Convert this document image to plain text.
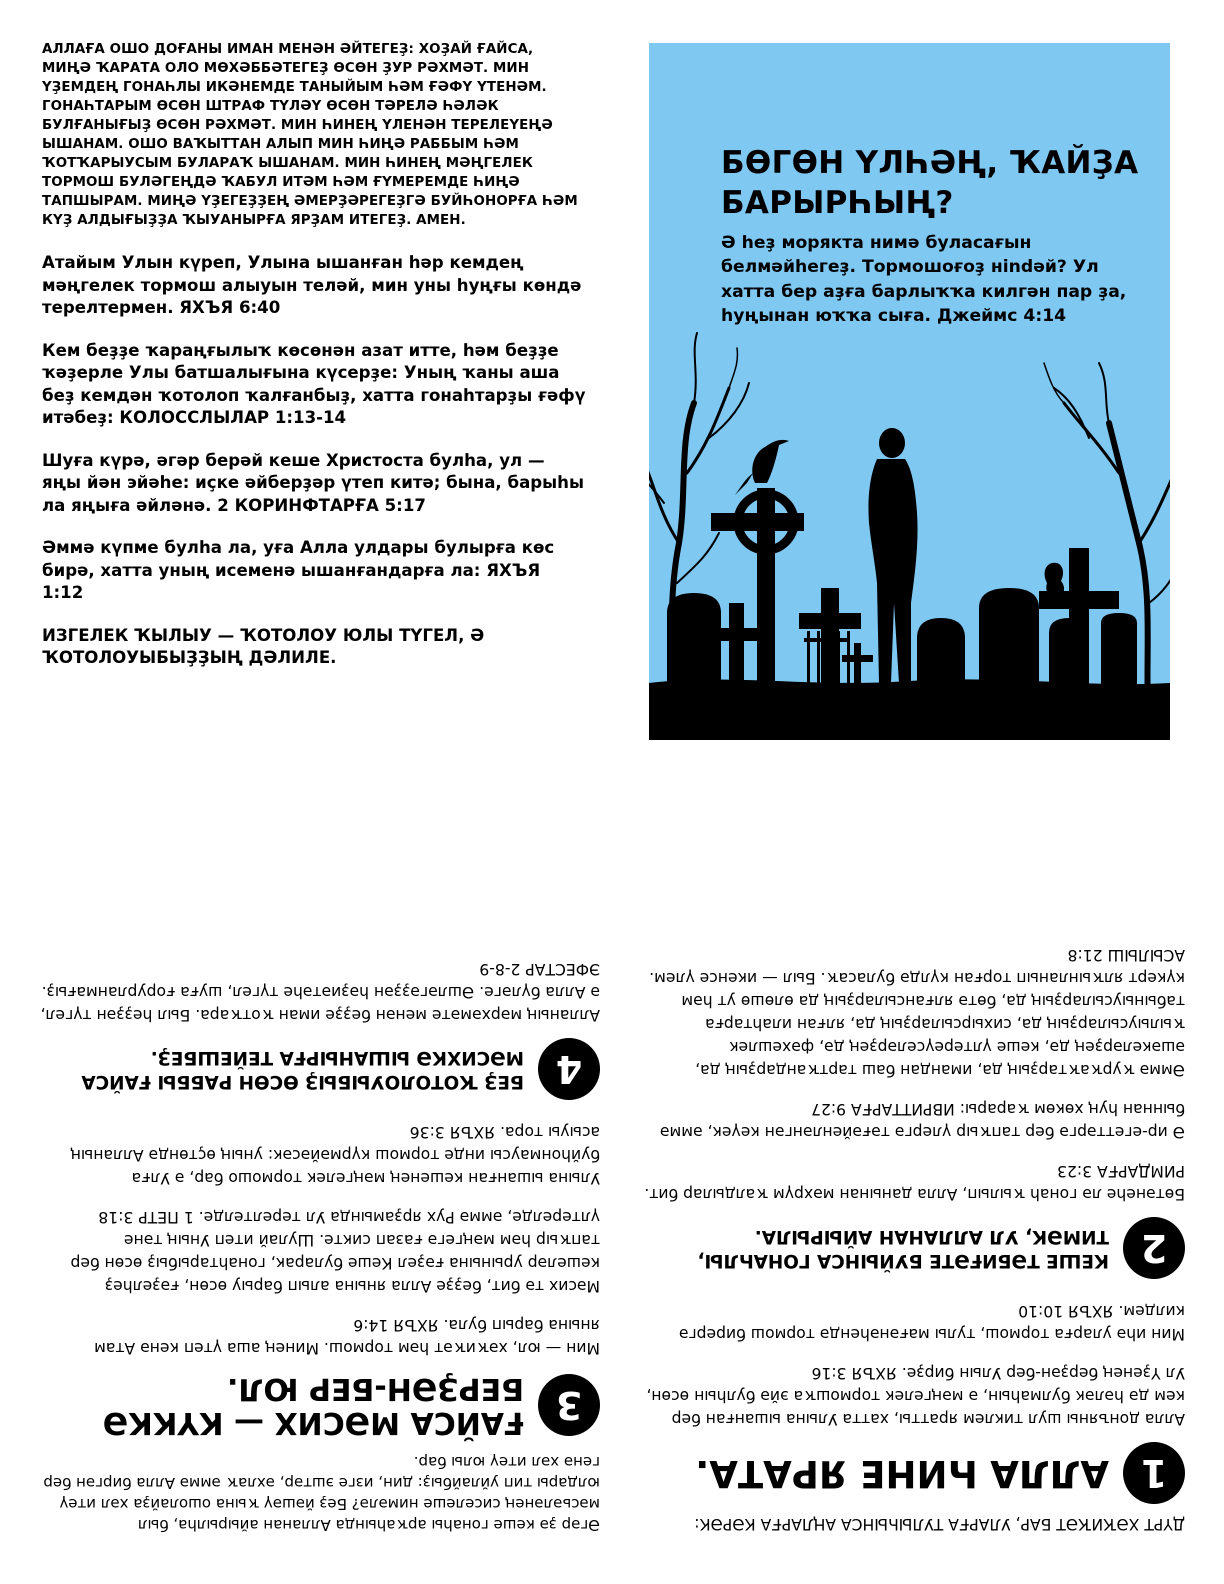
АЛЛАҒА ОШО ДОҒАНЫ ИМАН МЕНӘН ӘЙТЕГЕҘ: ХОҘАЙ ҒАЙСА, МИҢӘ ҠАРАТА ОЛО МӨХӘББӘТЕГЕҘ ӨСӨН ҘУР РӘХМӘТ. МИН ҮҘЕМДЕҢ ГОНАҺЛЫ ИКӘНЕМДЕ ТАНЫЙЫМ ҺӘМ ҒӘФҮ ҮТЕНӘМ. ГОНАҺТАРЫМ ӨСӨН ШТРАФ ТҮЛӘҮ ӨСӨН ТӘРЕЛӘ ҺӘЛӘК БУЛҒАНЫҒЫҘ ӨСӨН РӘХМӘТ. МИН ҺИНЕҢ ҮЛЕНӘН ТЕРЕЛЕҮЕҢӘ ЫШАНАМ. ОШО ВАҠЫТТАН АЛЫП МИН ҺИҢӘ РАББЫМ ҺӘМ ҠОТҠАРЫУСЫМ БУЛАРАҠ ЫШАНАМ. МИН ҺИНЕҢ МӘҢГЕЛЕК ТОРМОШ БУЛӘГЕҢДӘ ҠАБУЛ ИТӘМ ҺӘМ ҒҮМЕРЕМДЕ ҺИҢӘ ТАПШЫРАМ. МИҢӘ ҮҘЕГЕҘҘЕҢ ӘМЕРҘӘРЕГЕҘГӘ БУЙҺОНОРҒА ҺӘМ КҮҘ АЛДЫҒЫҘҘА ҠЫУАНЫРҒА ЯРҘАМ ИТЕГЕҘ. АМЕН.

Атайым Улын күреп, Улына ышанған һәр кемдең мәңгелек тормош алыуын теләй, мин уны һуңғы көндә терелтермен. ЯХЪЯ 6:40

Кем беҙҙе ҡараңғылыҡ көсөнән азат итте, һәм беҙҙе ҡәҙерле Улы батшалығына күсерҙе: Уның ҡаны аша беҙ кемдән ҡотолоп ҡалғанбыҙ, хатта гонаһтарҙы ғәфү итәбеҙ: КОЛОССЛЫЛАР 1:13-14

Шуға күрә, әгәр берәй кеше Христоста булһа, ул — яңы йән эйәһе: иҫке әйберҙәр үтеп китә; бына, барыһы ла яңыға әйләнә. 2 КОРИНФТАРҒА 5:17

Әммә күпме булһа ла, уға Алла улдары булырға көс бирә, хатта уның исеменә ышанғандарға ла: ЯХЪЯ 1:12

ИЗГЕЛЕК ҠЫЛЫУ — ҠОТОЛОУ ЮЛЫ ТҮГЕЛ, Ә ҠОТОЛОУЫБЫҘҘЫҢ ДӘЛИЛЕ.

БӨГӨН ҮЛҺӘҢ, ҠАЙҘА БАРЫРҺЫҢ?
Ә һеҙ морякта нимә буласағын белмәйһегеҙ. Тормошоғоҙ нindәй? Ул хатта бер аҙға барлыҡҡа килгән пар ҙа, һуңынан юҡҡа сыға. Джеймс 4:14

ДҮРТ ХӘҠИҠӘТ БАР, УЛАРҒА ТУЛЫҺЫНСА АҢЛАРҒА КӘРӘК:

1
АЛЛА ҺИНЕ ЯРАТА.

Алла донъяны шул тиклем яратты, хатта Улына ышанған бер кем дә һәләк булмаһын, ә мәңгелек тормошҡа эйә булһын өсөн, Ул Үҙенең берҙән-бер Улын бирҙе. ЯХЪЯ 3:16

Мин иһә уларға тормош, тулы мағәнәһендә тормош бирергә килдем. ЯХЪЯ 10:10

2
КЕШЕ ТӘБИҒӘТЕ БУЙЫНСА ГОНАҺЛЫ, ТИМӘК, УЛ АЛЛАНАН АЙЫРЫЛА.

Бөтәнеһе лә гонаһ ҡылып, Алла данынан мәхрүм ҡалдылар бит. РИМДАРҒА 3:23

Ә ир-егеттәргә бер тапҡыр үлергә тәғәйенләнгән кеүек, әммә быннан һуң хөкөм ҡарары: ИВРИТТАРҒА 9:27

Әммә ҡурҡаҡтарҙың да, имандан баш тартҡандарҙың да, әшәкеләрҙең дә, кеше үлтереүселәрҙең дә, фәхешлек ҡылыусыларҙың да, сихырсыларҙың да, ялған илаһтарға табыныусыларҙың да, бөтә ялғансыларҙың да өлөшө ут һәм күкерт ялҡынланып торған күлдә буласаҡ. Был — икенсе үлем. АСЫЛЫШ 21:8

Әгәр ҙә кеше гонаһы арҡаһында Алланан айырылһа, был мәсьәләнең сиселеше нимәлә? Беҙ йәшәү ҡына ошолайҙа хәл итеү юлдары тип уйлайбыҙ: дин, изге эштәр, әхлаҡ әммә Алла биргән бер генә хәл итеү юлы бар.

3
ҒАЙСА МӘСИХ — КҮККӘ БЕРҘӘН-БЕР ЮЛ.

Мин — юл, хәҡиҡәт һәм тормош. Минең аша үтеп кенә Атам янына барып була. ЯХЪЯ 14:6

Мәсих тә бит, беҙҙе Алла янына алып барыу өсөн, ғәҙелһеҙ кешеләр урынына ғәҙел Кеше буларак, гонаһтарыбыҙ өсөн бер тапҡыр һәм мәңгегә ғазап сикте. Шулай итеп Уның тәне үлтерелде, әммә Рух ярҙамында Ул терелтелде. 1 ПЕТР 3:18

Улына ышанған кешенең мәңгелек тормошо бар, ә Улға буйһонмаусы инде тормош күрмәйәсәк: уның өҫтөндә Алланың асыуы тора. ЯХЪЯ 3:36

4
БЕҘ ҠОТОЛОУЫБЫҘ ӨСӨН РАББЫ ҒАЙСА МӘСИХКӘ ЫШАНЫРҒА ТЕЙЕШБЕҘ.

Алланың мәрхәмәте менән беҙҙе иман ҡотҡара. Был һеҙҙән түгел, ә Алла бүләге. Әшләгәҙҙән һәҙиәтәһе түгел, шуға ғорурланмағыҙ. ЭФЕСТАР 2-8-9
